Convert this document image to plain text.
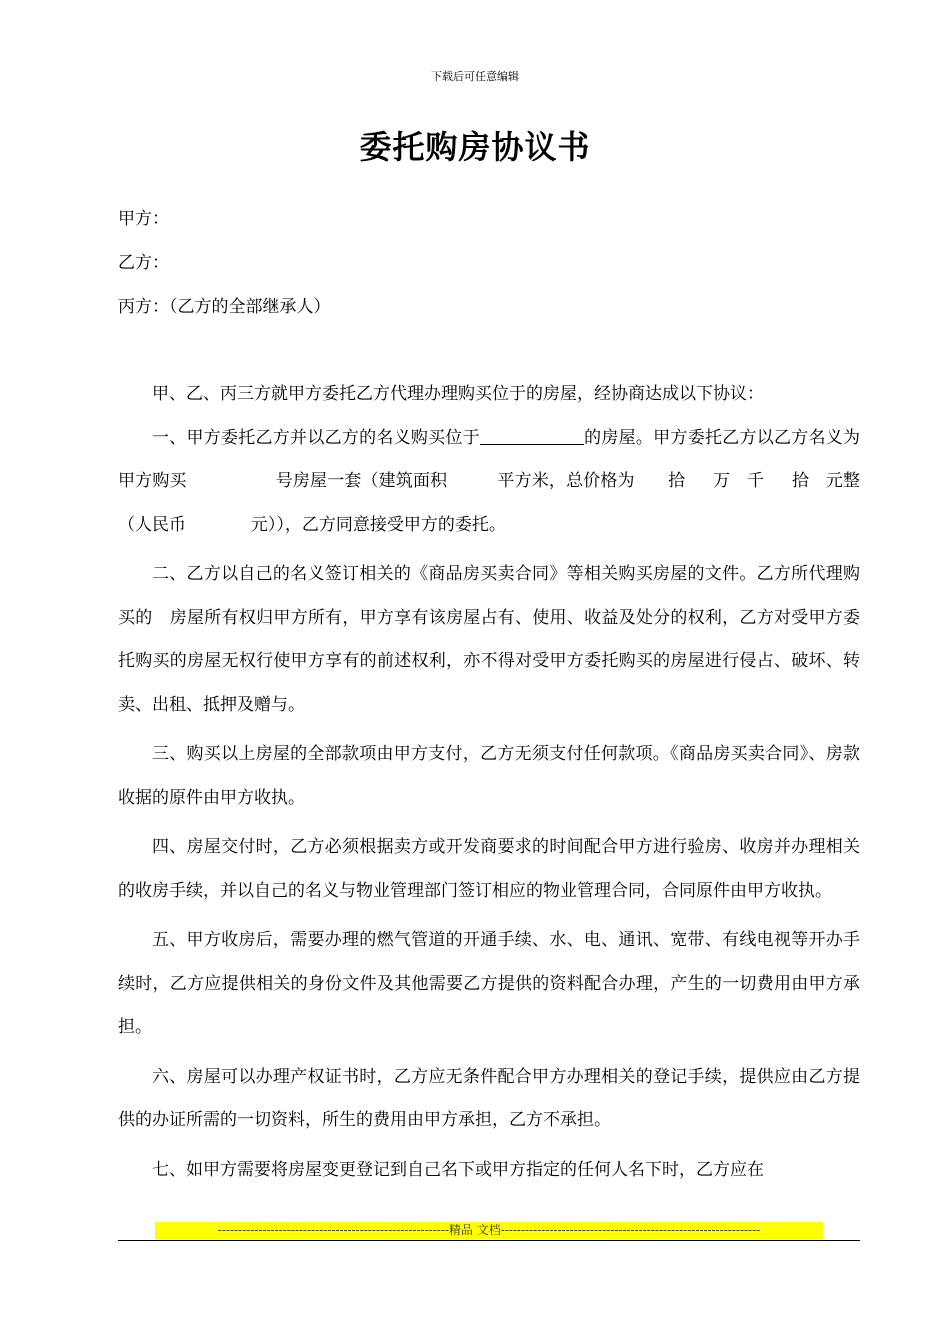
下载后可任意编辑
委托购房协议书
甲方：
乙方：
丙方：（乙方的全部继承人）

甲、乙、丙三方就甲方委托乙方代理办理购买位于的房屋，经协商达成以下协议：

一、甲方委托乙方并以乙方的名义购买位于	的房屋。甲方委托乙方以乙方名义为甲方购买	号房屋一套（建筑面积	平方米，总价格为 拾 万 千 拾 元整（人民币	元）），乙方同意接受甲方的委托。

二、乙方以自己的名义签订相关的《商品房买卖合同》等相关购买房屋的文件。乙方所代理购买的　房屋所有权归甲方所有，甲方享有该房屋占有、使用、收益及处分的权利，乙方对受甲方委托购买的房屋无权行使甲方享有的前述权利，亦不得对受甲方委托购买的房屋进行侵占、破坏、转卖、出租、抵押及赠与。

三、购买以上房屋的全部款项由甲方支付，乙方无须支付任何款项。《商品房买卖合同》、房款收据的原件由甲方收执。

四、房屋交付时，乙方必须根据卖方或开发商要求的时间配合甲方进行验房、收房并办理相关的收房手续，并以自己的名义与物业管理部门签订相应的物业管理合同，合同原件由甲方收执。

五、甲方收房后，需要办理的燃气管道的开通手续、水、电、通讯、宽带、有线电视等开办手续时，乙方应提供相关的身份文件及其他需要乙方提供的资料配合办理，产生的一切费用由甲方承担。

六、房屋可以办理产权证书时，乙方应无条件配合甲方办理相关的登记手续，提供应由乙方提供的办证所需的一切资料，所生的费用由甲方承担，乙方不承担。

七、如甲方需要将房屋变更登记到自己名下或甲方指定的任何人名下时，乙方应在

---------------------------------------------------------精品 文档----------------------------------------------------------------
